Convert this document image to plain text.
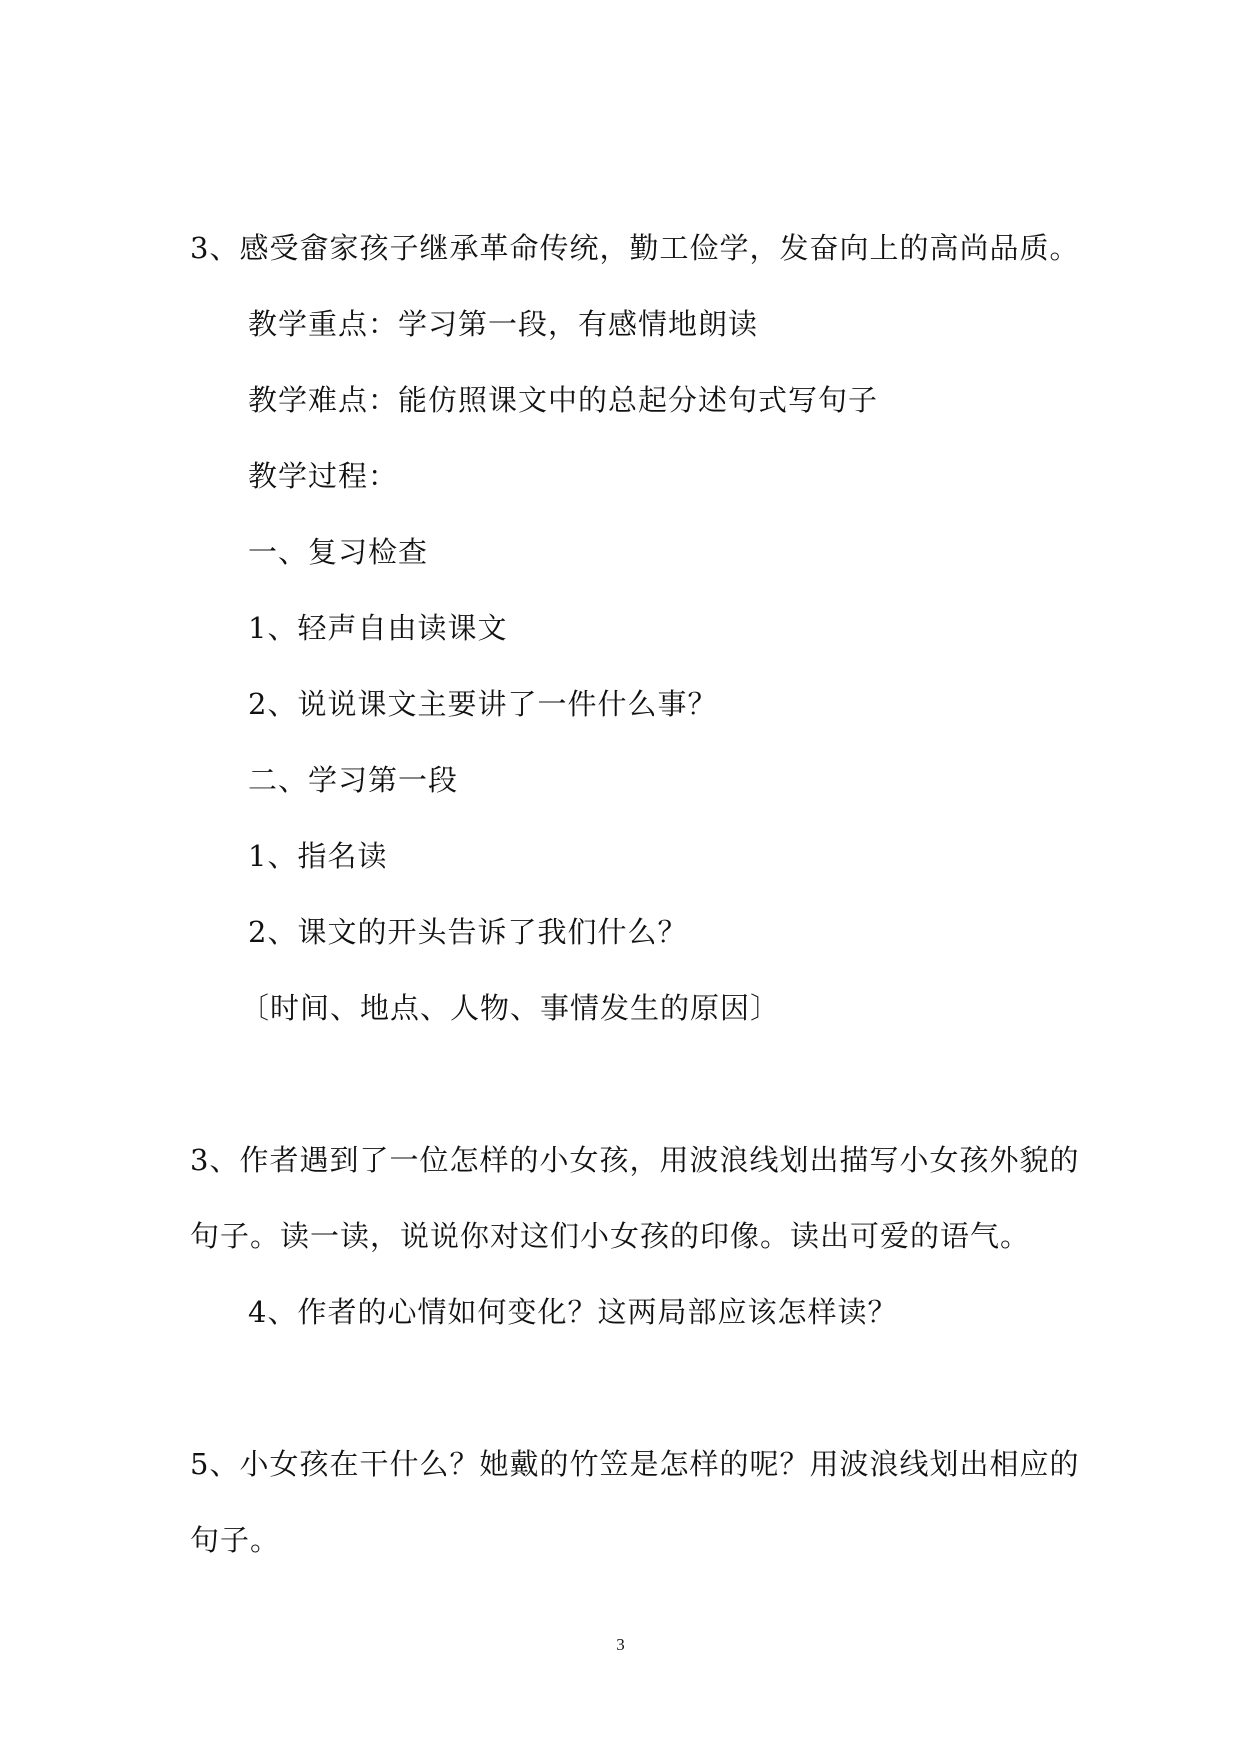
3、感受畲家孩子继承革命传统，勤工俭学，发奋向上的高尚品质。
教学重点：学习第一段，有感情地朗读
教学难点：能仿照课文中的总起分述句式写句子
教学过程：
一、复习检查
1、轻声自由读课文
2、说说课文主要讲了一件什么事？
二、学习第一段
1、指名读
2、课文的开头告诉了我们什么？
〔时间、地点、人物、事情发生的原因〕
3、作者遇到了一位怎样的小女孩，用波浪线划出描写小女孩外貌的
句子。读一读，说说你对这们小女孩的印像。读出可爱的语气。
4、作者的心情如何变化？这两局部应该怎样读？
5、小女孩在干什么？她戴的竹笠是怎样的呢？用波浪线划出相应的
句子。
3
